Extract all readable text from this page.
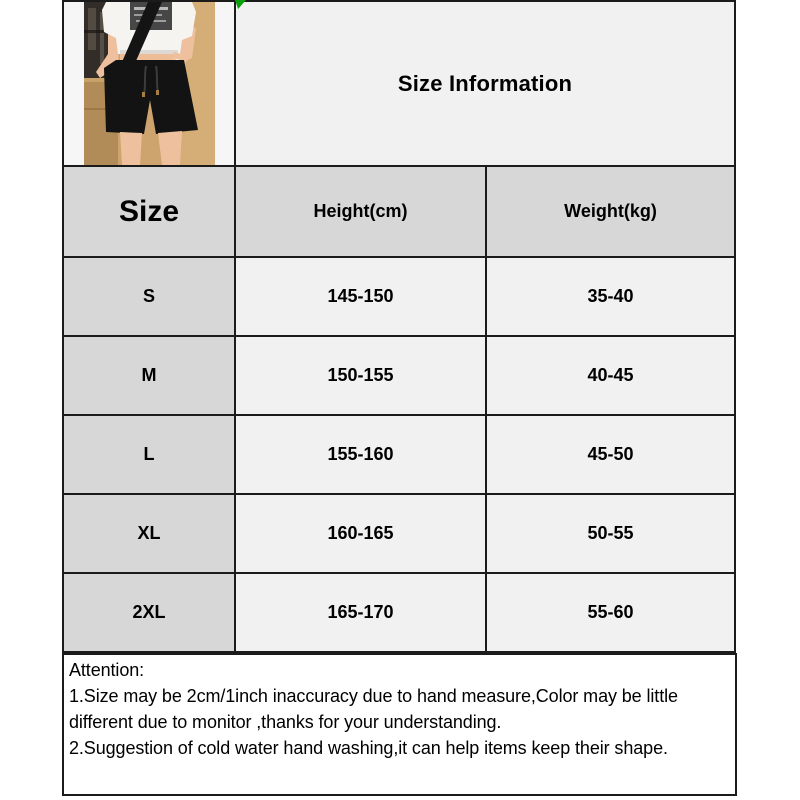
Size Information
Size	Height(cm)	Weight(kg)
S	145-150	35-40
M	150-155	40-45
L	155-160	45-50
XL	160-165	50-55
2XL	165-170	55-60

Attention:

1.Size may be 2cm/1inch inaccuracy due to hand measure,Color may be little different due to monitor ,thanks for your understanding.

2.Suggestion of cold water hand washing,it can help items keep their shape.
